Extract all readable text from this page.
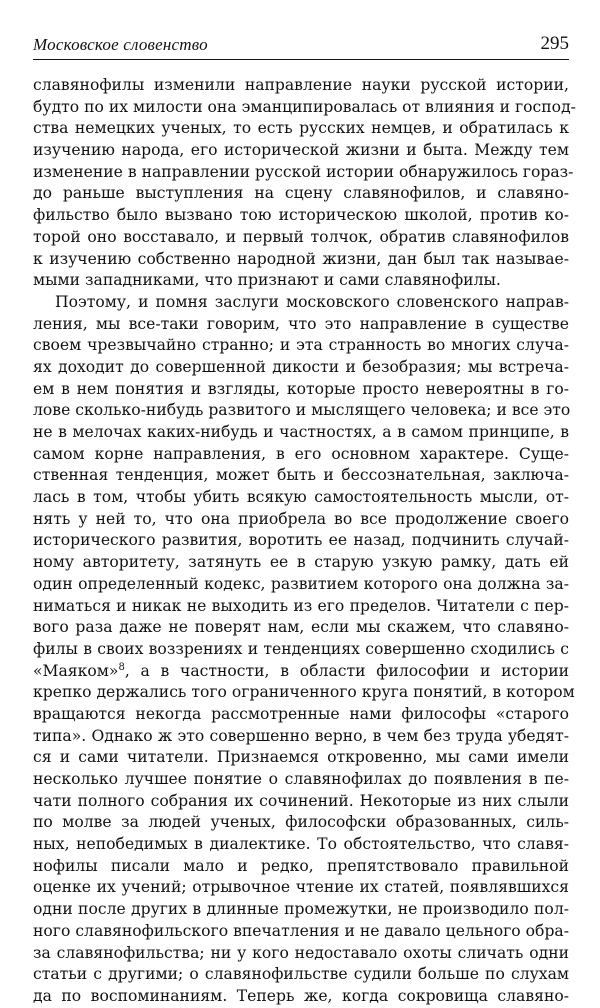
Московское словенство	295
славянофилы изменили направление науки русской истории,
будто по их милости она эманципировалась от влияния и господ-
ства немецких ученых, то есть русских немцев, и обратилась к
изучению народа, его исторической жизни и быта. Между тем
изменение в направлении русской истории обнаружилось гораз-
до раньше выступления на сцену славянофилов, и славяно-
фильство было вызвано тою историческою школой, против ко-
торой оно восставало, и первый толчок, обратив славянофилов
к изучению собственно народной жизни, дан был так называе-
мыми западниками, что признают и сами славянофилы.
Поэтому, и помня заслуги московского словенского направ-
ления, мы все-таки говорим, что это направление в существе
своем чрезвычайно странно; и эта странность во многих случа-
ях доходит до совершенной дикости и безобразия; мы встреча-
ем в нем понятия и взгляды, которые просто невероятны в го-
лове сколько-нибудь развитого и мыслящего человека; и все это
не в мелочах каких-нибудь и частностях, а в самом принципе, в
самом корне направления, в его основном характере. Суще-
ственная тенденция, может быть и бессознательная, заключа-
лась в том, чтобы убить всякую самостоятельность мысли, от-
нять у ней то, что она приобрела во все продолжение своего
исторического развития, воротить ее назад, подчинить случай-
ному авторитету, затянуть ее в старую узкую рамку, дать ей
один определенный кодекс, развитием которого она должна за-
ниматься и никак не выходить из его пределов. Читатели с пер-
вого раза даже не поверят нам, если мы скажем, что славяно-
филы в своих воззрениях и тенденциях совершенно сходились с
«Маяком»$^8$, а в частности, в области философии и истории
крепко держались того ограниченного круга понятий, в котором
вращаются некогда рассмотренные нами философы «старого
типа». Однако ж это совершенно верно, в чем без труда убедят-
ся и сами читатели. Признаемся откровенно, мы сами имели
несколько лучшее понятие о славянофилах до появления в пе-
чати полного собрания их сочинений. Некоторые из них слыли
по молве за людей ученых, философски образованных, силь-
ных, непобедимых в диалектике. То обстоятельство, что славя-
нофилы писали мало и редко, препятствовало правильной
оценке их учений; отрывочное чтение их статей, появлявшихся
одни после других в длинные промежутки, не производило пол-
ного славянофильского впечатления и не давало цельного обра-
за славянофильства; ни у кого недоставало охоты сличать одни
статьи с другими; о славянофильстве судили больше по слухам
да по воспоминаниям. Теперь же, когда сокровища славяно-
